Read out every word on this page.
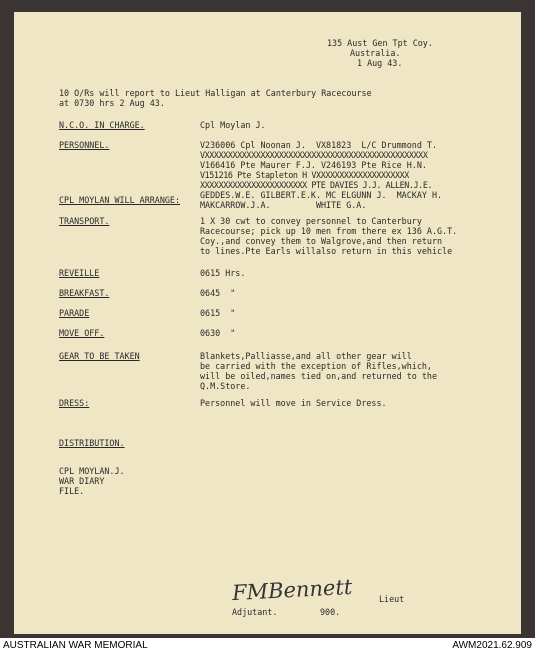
135 Aust Gen Tpt Coy.
Australia.
1 Aug 43.
10 O/Rs will report to Lieut Halligan at Canterbury Racecourse
at 0730 hrs 2 Aug 43.
N.C.O. IN CHARGE.	Cpl Moylan J.
PERSONNEL.	V236006 Cpl Noonan J.  VX81823  L/C Drummond T.
VXXXXXXXXXXXXXXXXXXXXXXXXXXXXXXXXXXXXXXXXXXXXXXXX
V166416 Pte Maurer F.J. V246193 Pte Rice H.N.
V151216 Pte Stapleton H VXXXXXXXXXXXXXXXXXXXX
XXXXXXXXXXXXXXXXXXXXXXX PTE DAVIES J.J. ALLEN.J.E.
CPL MOYLAN WILL ARRANGE: GEDDES.W.E. GILBERT.E.K. MC ELGUNN J.  MACKAY H.
MAKCARROW.J.A.         WHITE G.A.
TRANSPORT.	1 X 30 cwt to convey personnel to Canterbury
Racecourse; pick up 10 men from there ex 136 A.G.T.
Coy.,and convey them to Walgrove,and then return
to lines.Pte Earls willalso return in this vehicle
REVEILLE	0615 Hrs.
BREAKFAST.	0645  "
PARADE	0615  "
MOVE OFF.	0630  "
GEAR TO BE TAKEN	Blankets,Palliasse,and all other gear will
be carried with the exception of Rifles,which,
will be oiled,names tied on,and returned to the
Q.M.Store.
DRESS:	Personnel will move in Service Dress.
DISTRIBUTION.
CPL MOYLAN.J.
WAR DIARY
FILE.
FMBennett	Lieut
Adjutant.	900.
AUSTRALIAN WAR MEMORIAL	AWM2021.62.909
